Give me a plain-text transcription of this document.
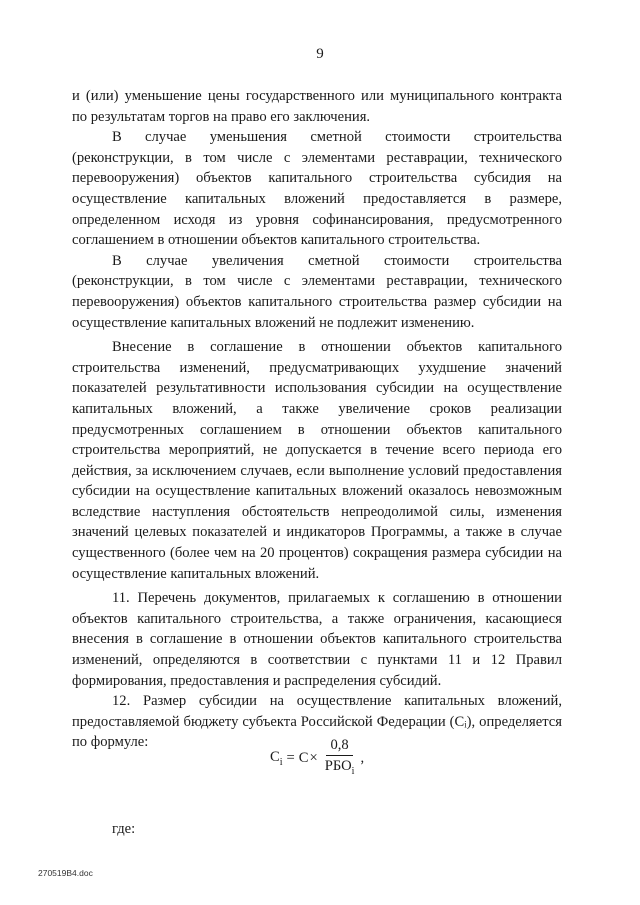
9

и (или) уменьшение цены государственного или муниципального контракта по результатам торгов на право его заключения.

В случае уменьшения сметной стоимости строительства (реконструкции, в том числе с элементами реставрации, технического перевооружения) объектов капитального строительства субсидия на осуществление капитальных вложений предоставляется в размере, определенном исходя из уровня софинансирования, предусмотренного соглашением в отношении объектов капитального строительства.

В случае увеличения сметной стоимости строительства (реконструкции, в том числе с элементами реставрации, технического перевооружения) объектов капитального строительства размер субсидии на осуществление капитальных вложений не подлежит изменению.

Внесение в соглашение в отношении объектов капитального строительства изменений, предусматривающих ухудшение значений показателей результативности использования субсидии на осуществление капитальных вложений, а также увеличение сроков реализации предусмотренных соглашением в отношении объектов капитального строительства мероприятий, не допускается в течение всего периода его действия, за исключением случаев, если выполнение условий предоставления субсидии на осуществление капитальных вложений оказалось невозможным вследствие наступления обстоятельств непреодолимой силы, изменения значений целевых показателей и индикаторов Программы, а также в случае существенного (более чем на 20 процентов) сокращения размера субсидии на осуществление капитальных вложений.

11. Перечень документов, прилагаемых к соглашению в отношении объектов капитального строительства, а также ограничения, касающиеся внесения в соглашение в отношении объектов капитального строительства изменений, определяются в соответствии с пунктами 11 и 12 Правил формирования, предоставления и распределения субсидий.

12. Размер субсидии на осуществление капитальных вложений, предоставляемой бюджету субъекта Российской Федерации (Cᵢ), определяется по формуле:

$C_i = C \times \frac{0,8}{РБО_i}$ ,
где:
270519B4.doc
